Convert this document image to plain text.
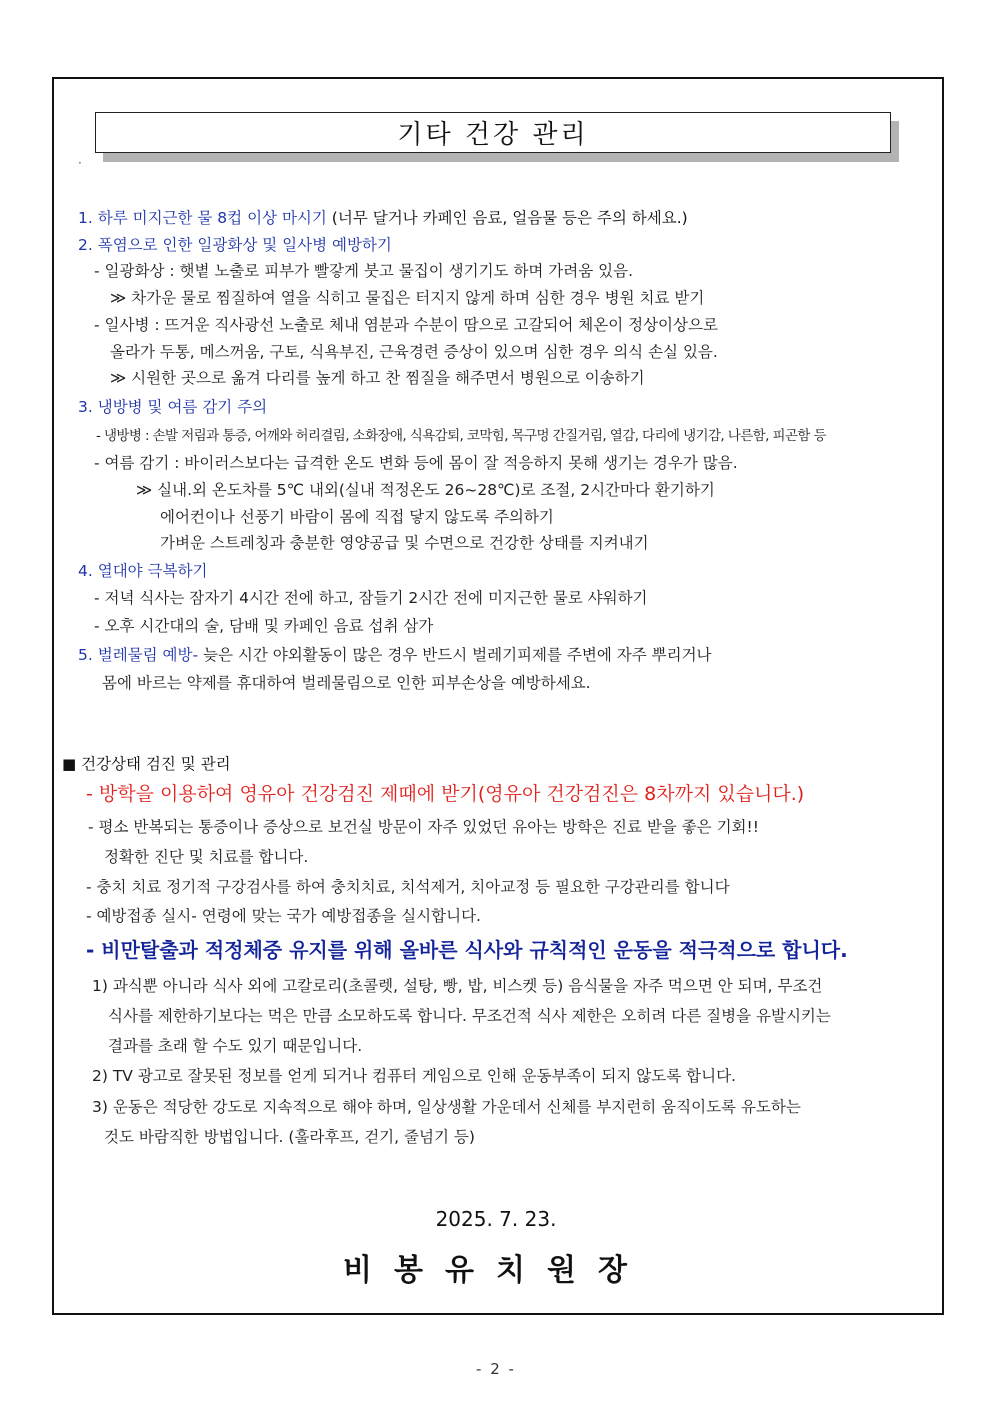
기타 건강 관리
·
1. 하루 미지근한 물 8컵 이상 마시기 (너무 달거나 카페인 음료, 얼음물 등은 주의 하세요.)
2. 폭염으로 인한 일광화상 및 일사병 예방하기
- 일광화상 : 햇볕 노출로 피부가 빨갛게 붓고 물집이 생기기도 하며 가려움 있음.
≫ 차가운 물로 찜질하여 열을 식히고 물집은 터지지 않게 하며 심한 경우 병원 치료 받기
- 일사병 : 뜨거운 직사광선 노출로 체내 염분과 수분이 땀으로 고갈되어 체온이 정상이상으로
올라가 두통, 메스꺼움, 구토, 식욕부진, 근육경련 증상이 있으며 심한 경우 의식 손실 있음.
≫ 시원한 곳으로 옮겨 다리를 높게 하고 찬 찜질을 해주면서 병원으로 이송하기
3. 냉방병 및 여름 감기 주의
- 냉방병 : 손발 저림과 통증, 어깨와 허리결림, 소화장애, 식욕감퇴, 코막힘, 목구멍 간질거림, 열감, 다리에 냉기감, 나른함, 피곤함 등
- 여름 감기 : 바이러스보다는 급격한 온도 변화 등에 몸이 잘 적응하지 못해 생기는 경우가 많음.
≫ 실내.외 온도차를 5℃ 내외(실내 적정온도 26~28℃)로 조절, 2시간마다 환기하기
에어컨이나 선풍기 바람이 몸에 직접 닿지 않도록 주의하기
가벼운 스트레칭과 충분한 영양공급 및 수면으로 건강한 상태를 지켜내기
4. 열대야 극복하기
- 저녁 식사는 잠자기 4시간 전에 하고, 잠들기 2시간 전에 미지근한 물로 샤워하기
- 오후 시간대의 술, 담배 및 카페인 음료 섭취 삼가
5. 벌레물림 예방- 늦은 시간 야외활동이 많은 경우 반드시 벌레기피제를 주변에 자주 뿌리거나
몸에 바르는 약제를 휴대하여 벌레물림으로 인한 피부손상을 예방하세요.
■ 건강상태 검진 및 관리
- 방학을 이용하여 영유아 건강검진 제때에 받기(영유아 건강검진은 8차까지 있습니다.)
- 평소 반복되는 통증이나 증상으로 보건실 방문이 자주 있었던 유아는 방학은 진료 받을 좋은 기회!!
정확한 진단 및 치료를 합니다.
- 충치 치료 정기적 구강검사를 하여 충치치료, 치석제거, 치아교정 등 필요한 구강관리를 합니다
- 예방접종 실시- 연령에 맞는 국가 예방접종을 실시합니다.
- 비만탈출과 적정체중 유지를 위해 올바른 식사와 규칙적인 운동을 적극적으로 합니다.
1) 과식뿐 아니라 식사 외에 고칼로리(초콜렛, 설탕, 빵, 밥, 비스켓 등) 음식물을 자주 먹으면 안 되며, 무조건
식사를 제한하기보다는 먹은 만큼 소모하도록 합니다. 무조건적 식사 제한은 오히려 다른 질병을 유발시키는
결과를 초래 할 수도 있기 때문입니다.
2) TV 광고로 잘못된 정보를 얻게 되거나 컴퓨터 게임으로 인해 운동부족이 되지 않도록 합니다.
3) 운동은 적당한 강도로 지속적으로 해야 하며, 일상생활 가운데서 신체를 부지런히 움직이도록 유도하는
것도 바람직한 방법입니다. (훌라후프, 걷기, 줄넘기 등)
2025. 7. 23.
비봉유치원장
- 2 -
